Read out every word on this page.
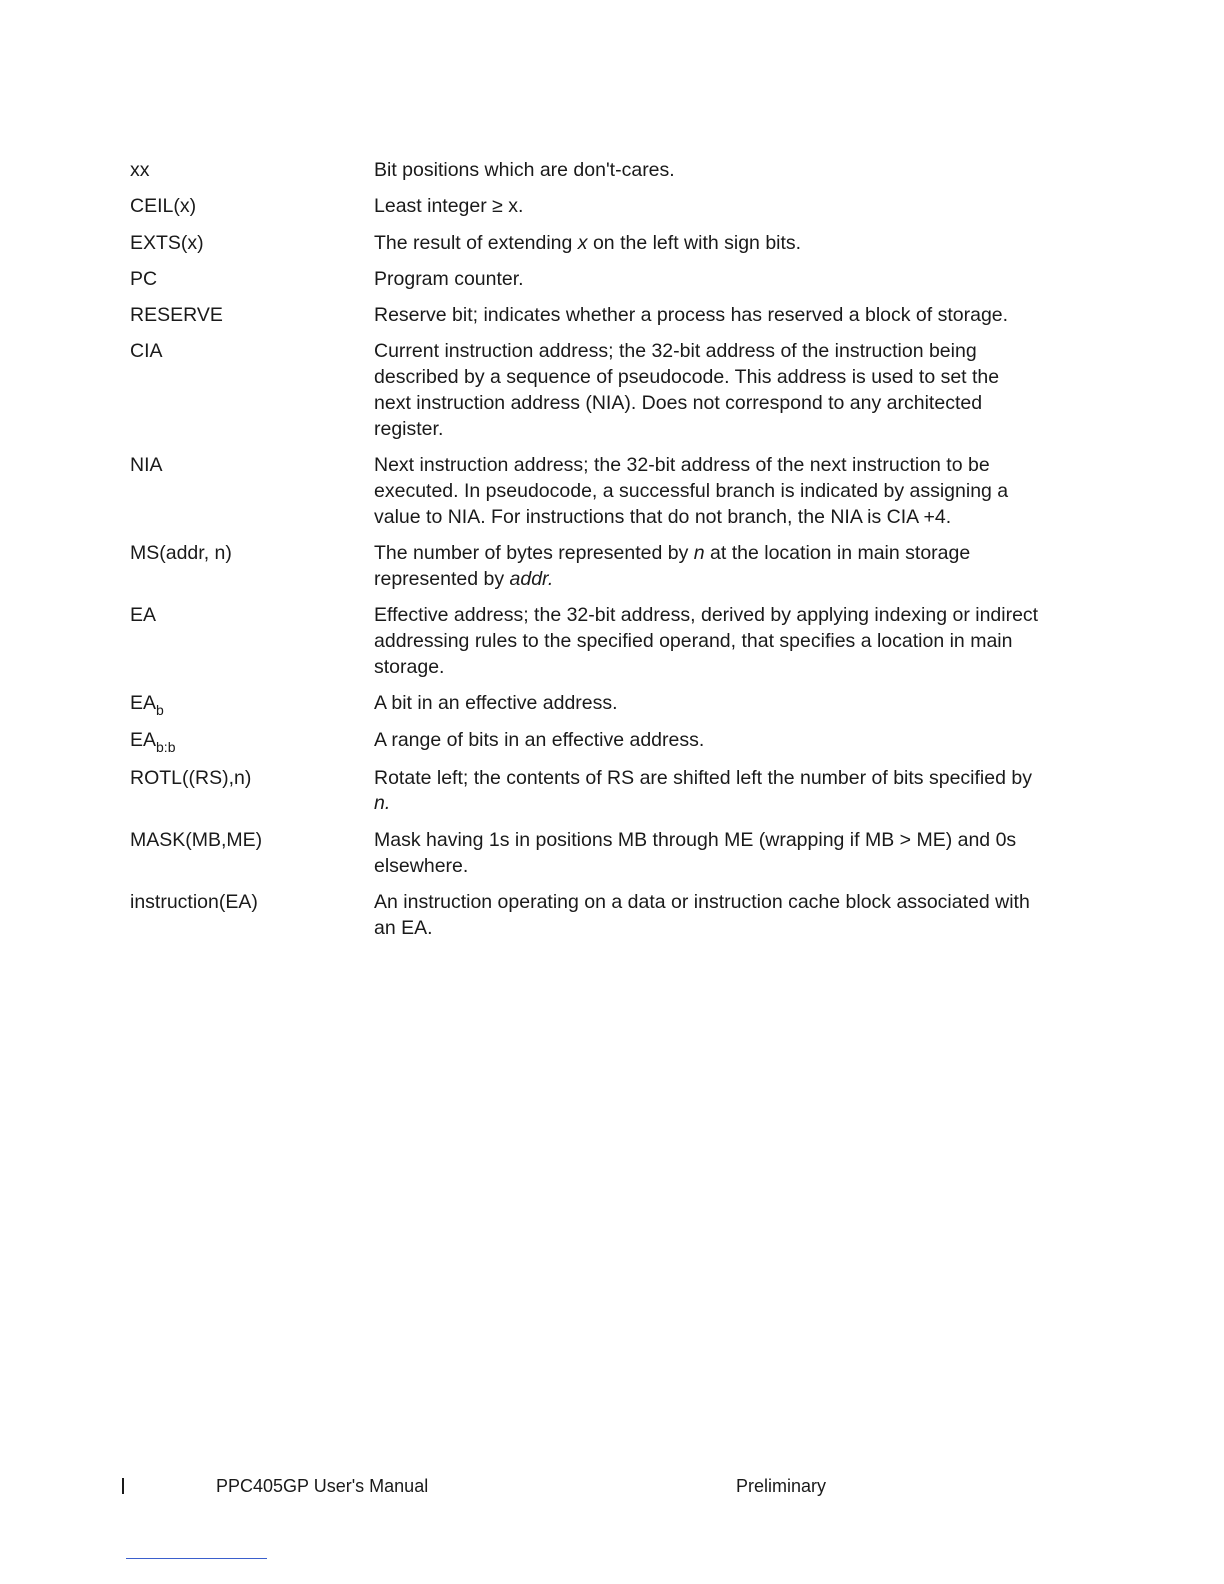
xx	Bit positions which are don't-cares.
CEIL(x)	Least integer ≥ x.
EXTS(x)	The result of extending x on the left with sign bits.
PC	Program counter.
RESERVE	Reserve bit; indicates whether a process has reserved a block of storage.
CIA	Current instruction address; the 32-bit address of the instruction being described by a sequence of pseudocode. This address is used to set the next instruction address (NIA). Does not correspond to any architected register.
NIA	Next instruction address; the 32-bit address of the next instruction to be executed. In pseudocode, a successful branch is indicated by assigning a value to NIA. For instructions that do not branch, the NIA is CIA +4.
MS(addr, n)	The number of bytes represented by n at the location in main storage represented by addr.
EA	Effective address; the 32-bit address, derived by applying indexing or indirect addressing rules to the specified operand, that specifies a location in main storage.
$EA_b$	A bit in an effective address.
$EA_{b:b}$	A range of bits in an effective address.
ROTL((RS),n)	Rotate left; the contents of RS are shifted left the number of bits specified by n.
MASK(MB,ME)	Mask having 1s in positions MB through ME (wrapping if MB > ME) and 0s elsewhere.
instruction(EA)	An instruction operating on a data or instruction cache block associated with an EA.
PPC405GP User's Manual	Preliminary
